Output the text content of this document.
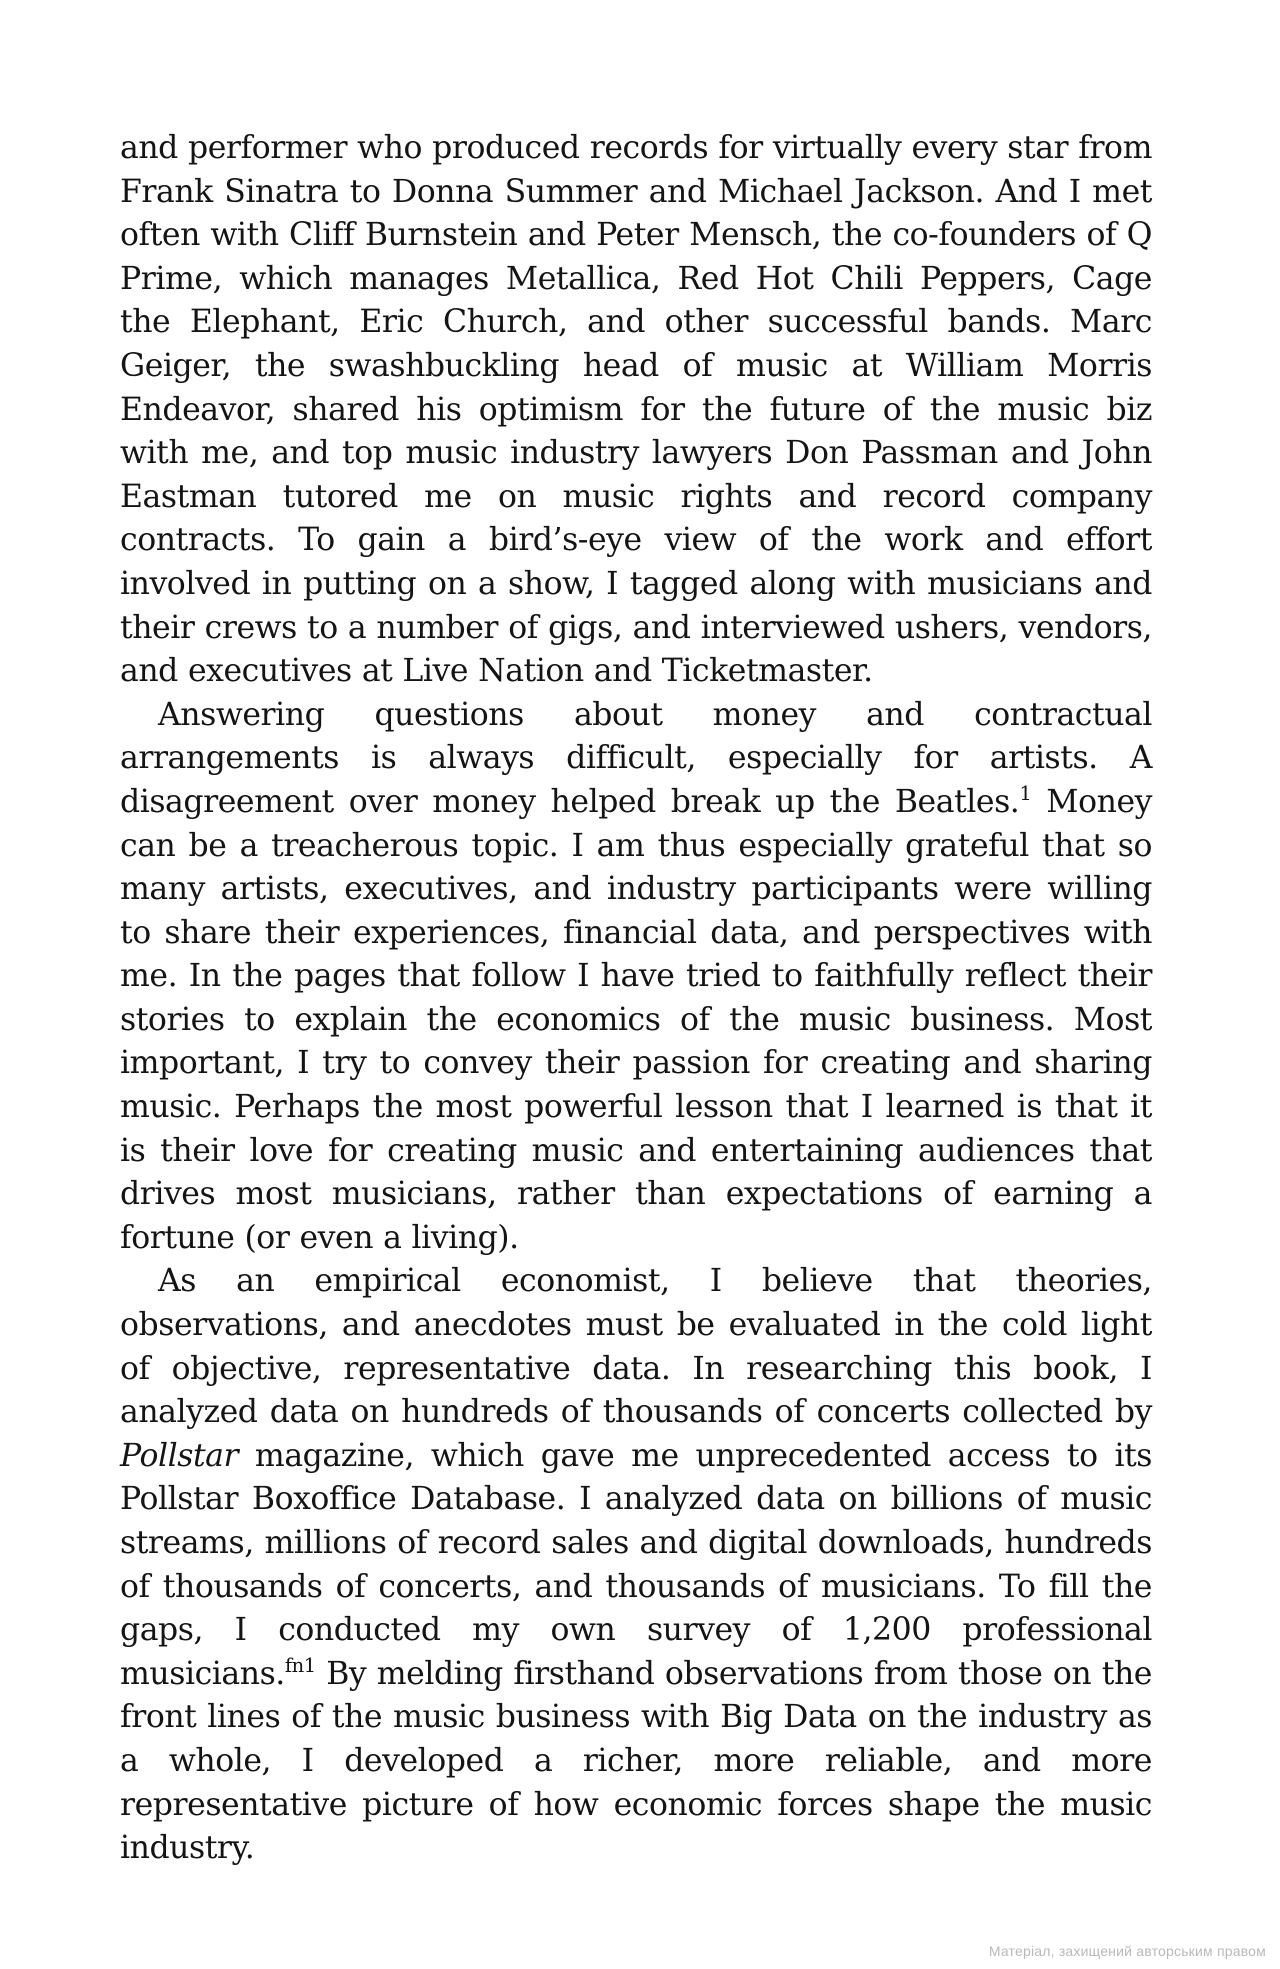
and performer who produced records for virtually every star from Frank Sinatra to Donna Summer and Michael Jackson. And I met often with Cliff Burnstein and Peter Mensch, the co-founders of Q Prime, which manages Metallica, Red Hot Chili Peppers, Cage the Elephant, Eric Church, and other successful bands. Marc Geiger, the swashbuckling head of music at William Morris Endeavor, shared his optimism for the future of the music biz with me, and top music industry lawyers Don Passman and John Eastman tutored me on music rights and record company contracts. To gain a bird’s-eye view of the work and effort involved in putting on a show, I tagged along with musicians and their crews to a number of gigs, and interviewed ushers, vendors, and executives at Live Nation and Ticketmaster.

Answering questions about money and contractual arrangements is always difficult, especially for artists. A disagreement over money helped break up the Beatles.$^1$ Money can be a treacherous topic. I am thus especially grateful that so many artists, executives, and industry participants were willing to share their experiences, financial data, and perspectives with me. In the pages that follow I have tried to faithfully reflect their stories to explain the economics of the music business. Most important, I try to convey their passion for creating and sharing music. Perhaps the most powerful lesson that I learned is that it is their love for creating music and entertaining audiences that drives most musicians, rather than expectations of earning a fortune (or even a living).

As an empirical economist, I believe that theories, observations, and anecdotes must be evaluated in the cold light of objective, representative data. In researching this book, I analyzed data on hundreds of thousands of concerts collected by Pollstar magazine, which gave me unprecedented access to its Pollstar Boxoffice Database. I analyzed data on billions of music streams, millions of record sales and digital downloads, hundreds of thousands of concerts, and thousands of musicians. To fill the gaps, I conducted my own survey of 1,200 professional musicians.$^{fn1}$ By melding firsthand observations from those on the front lines of the music business with Big Data on the industry as a whole, I developed a richer, more reliable, and more representative picture of how economic forces shape the music industry.

Матеріал, захищений авторським правом
